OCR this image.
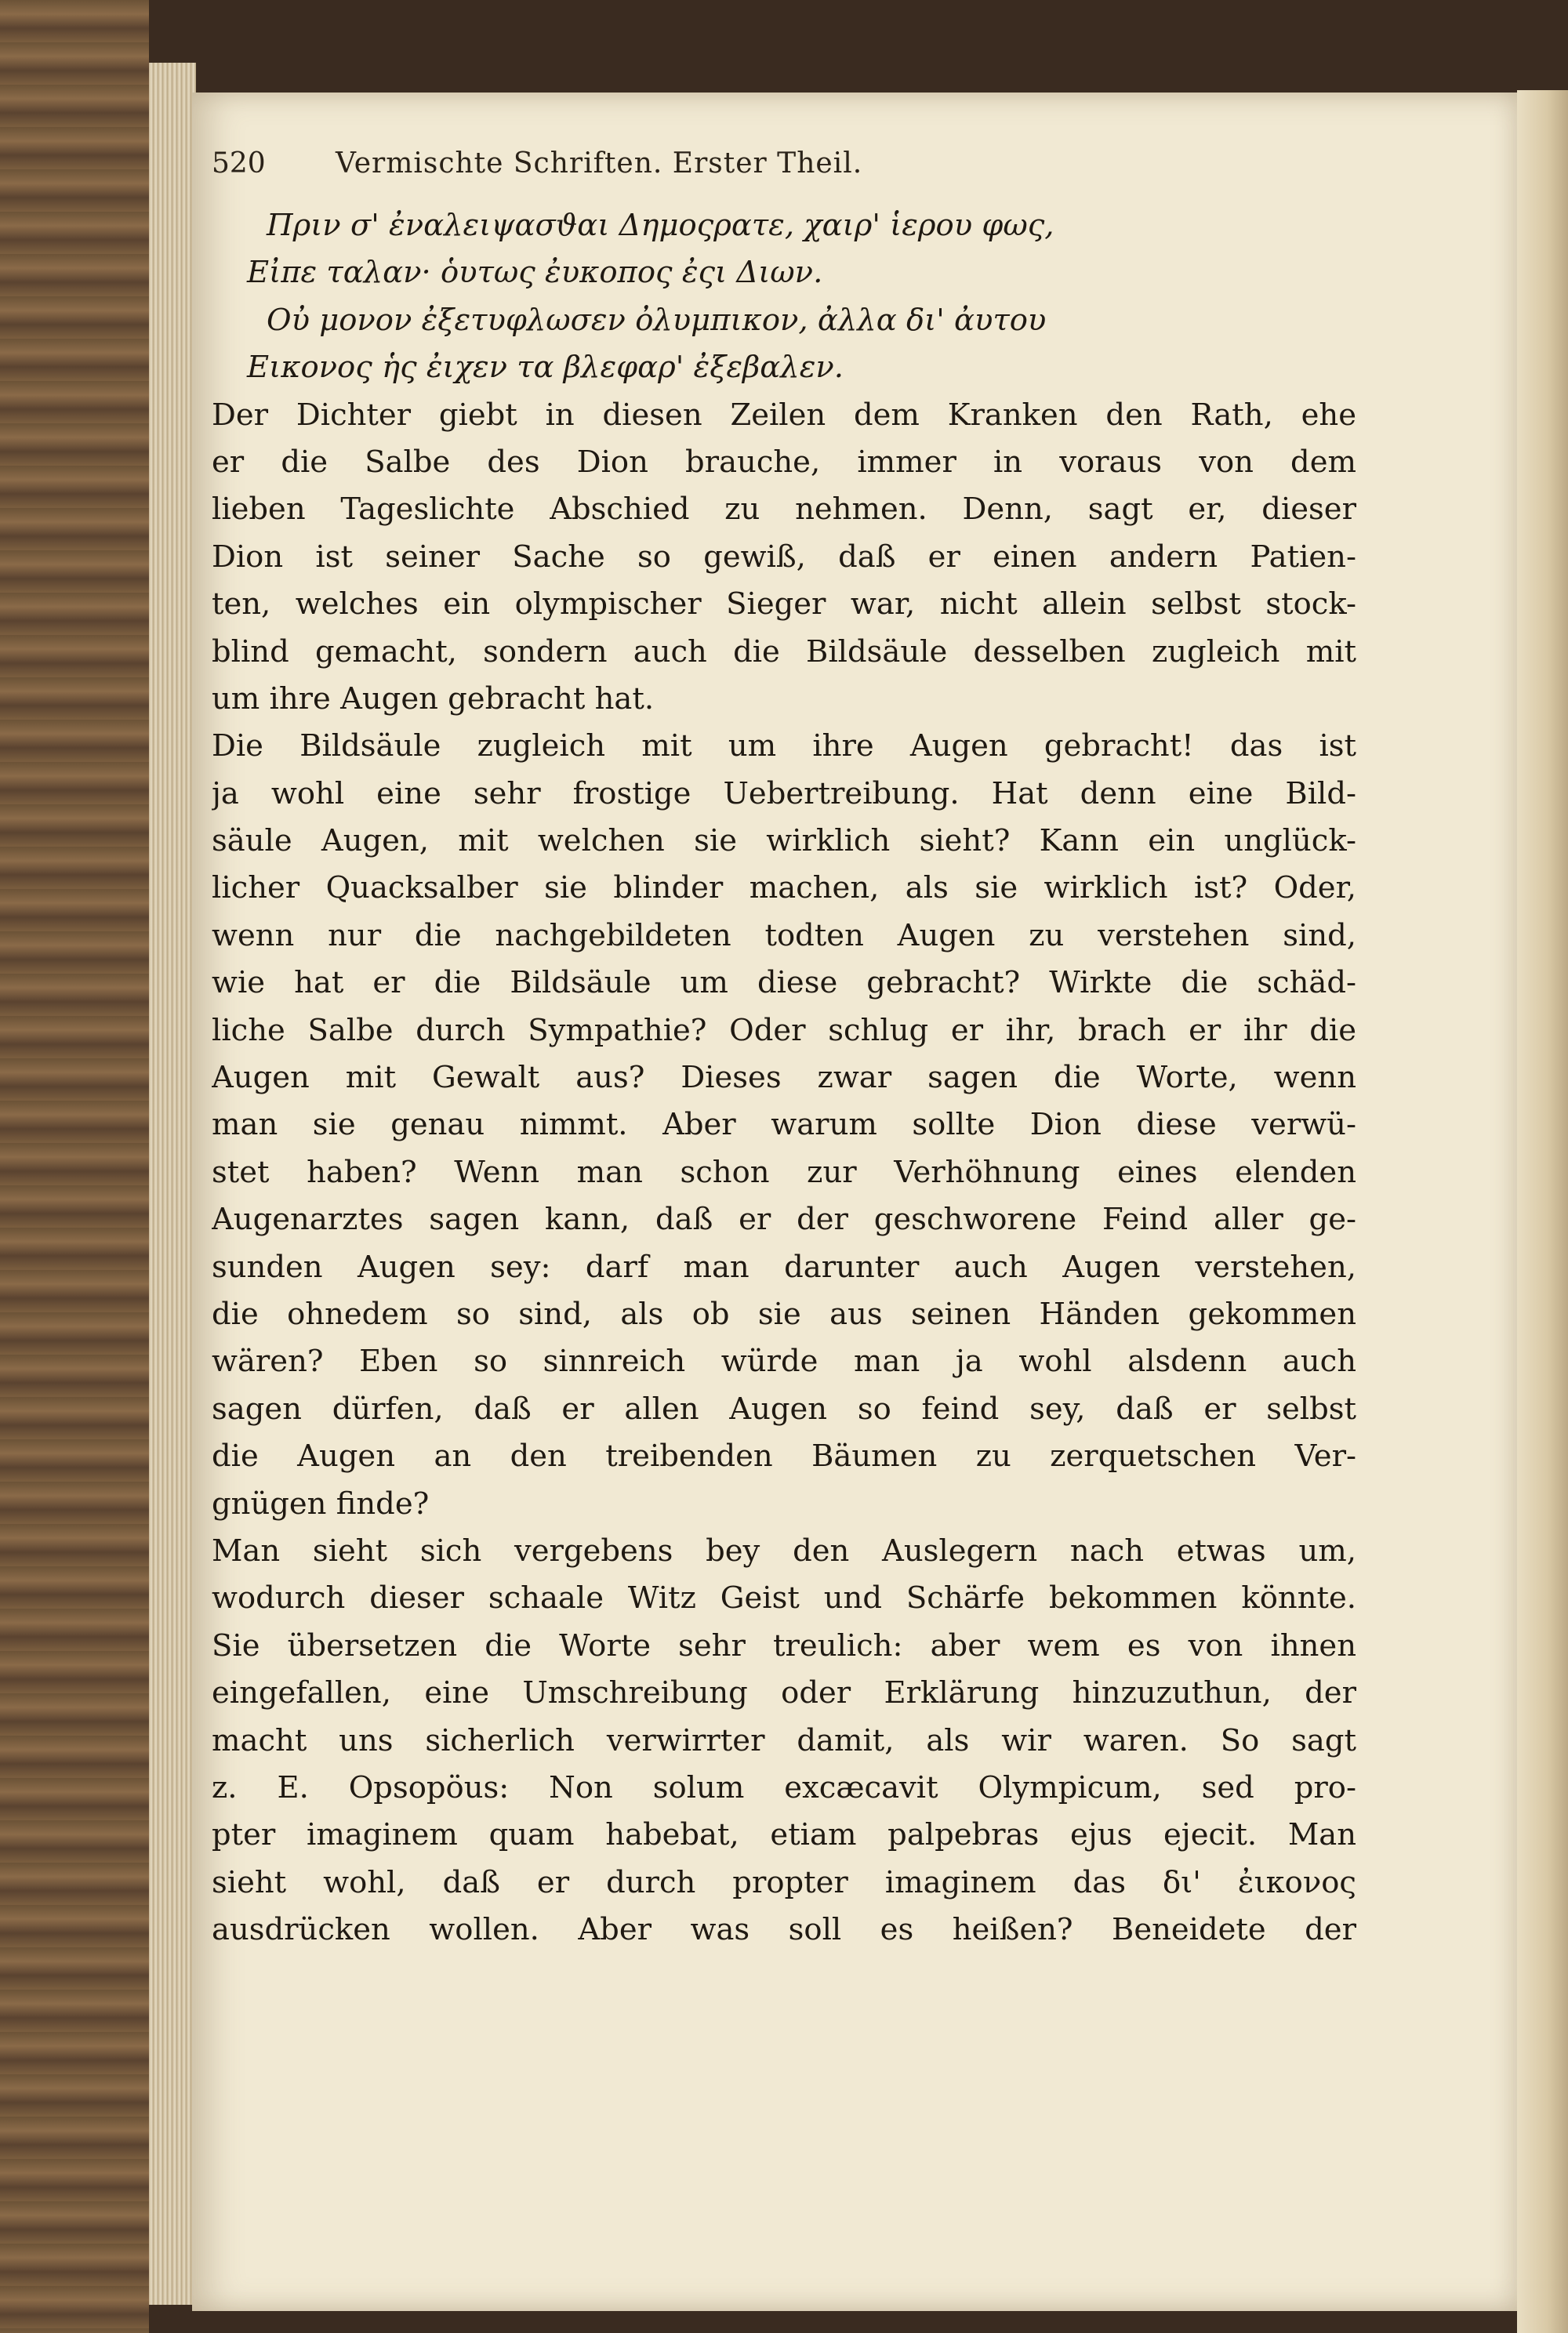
520 Vermischte Schriften. Erster Theil.
Πριν σ' ἐναλειψασϑαι Δημοςρατε, χαιρ' ἱερου φως,
Εἰπε ταλαν· ὁυτως ἐυκοπος ἐςι Διων.
Οὐ μονον ἐξετυφλωσεν ὀλυμπικον, ἀλλα δι' ἀυτου
Εικονος ἡς ἐιχεν τα βλεφαρ' ἐξεβαλεν.
Der Dichter giebt in diesen Zeilen dem Kranken den Rath, ehe
er die Salbe des Dion brauche, immer in voraus von dem
lieben Tageslichte Abschied zu nehmen. Denn, sagt er, dieser
Dion ist seiner Sache so gewiß, daß er einen andern Patien-
ten, welches ein olympischer Sieger war, nicht allein selbst stock-
blind gemacht, sondern auch die Bildsäule desselben zugleich mit
um ihre Augen gebracht hat.
Die Bildsäule zugleich mit um ihre Augen gebracht! das ist
ja wohl eine sehr frostige Uebertreibung. Hat denn eine Bild-
säule Augen, mit welchen sie wirklich sieht? Kann ein unglück-
licher Quacksalber sie blinder machen, als sie wirklich ist? Oder,
wenn nur die nachgebildeten todten Augen zu verstehen sind,
wie hat er die Bildsäule um diese gebracht? Wirkte die schäd-
liche Salbe durch Sympathie? Oder schlug er ihr, brach er ihr die
Augen mit Gewalt aus? Dieses zwar sagen die Worte, wenn
man sie genau nimmt. Aber warum sollte Dion diese verwü-
stet haben? Wenn man schon zur Verhöhnung eines elenden
Augenarztes sagen kann, daß er der geschworene Feind aller ge-
sunden Augen sey: darf man darunter auch Augen verstehen,
die ohnedem so sind, als ob sie aus seinen Händen gekommen
wären? Eben so sinnreich würde man ja wohl alsdenn auch
sagen dürfen, daß er allen Augen so feind sey, daß er selbst
die Augen an den treibenden Bäumen zu zerquetschen Ver-
gnügen finde?
Man sieht sich vergebens bey den Auslegern nach etwas um,
wodurch dieser schaale Witz Geist und Schärfe bekommen könnte.
Sie übersetzen die Worte sehr treulich: aber wem es von ihnen
eingefallen, eine Umschreibung oder Erklärung hinzuzuthun, der
macht uns sicherlich verwirrter damit, als wir waren. So sagt
z. E. Opsopöus: Non solum excæcavit Olympicum, sed pro-
pter imaginem quam habebat, etiam palpebras ejus ejecit. Man
sieht wohl, daß er durch propter imaginem das δι' ἐικονος
ausdrücken wollen. Aber was soll es heißen? Beneidete der
